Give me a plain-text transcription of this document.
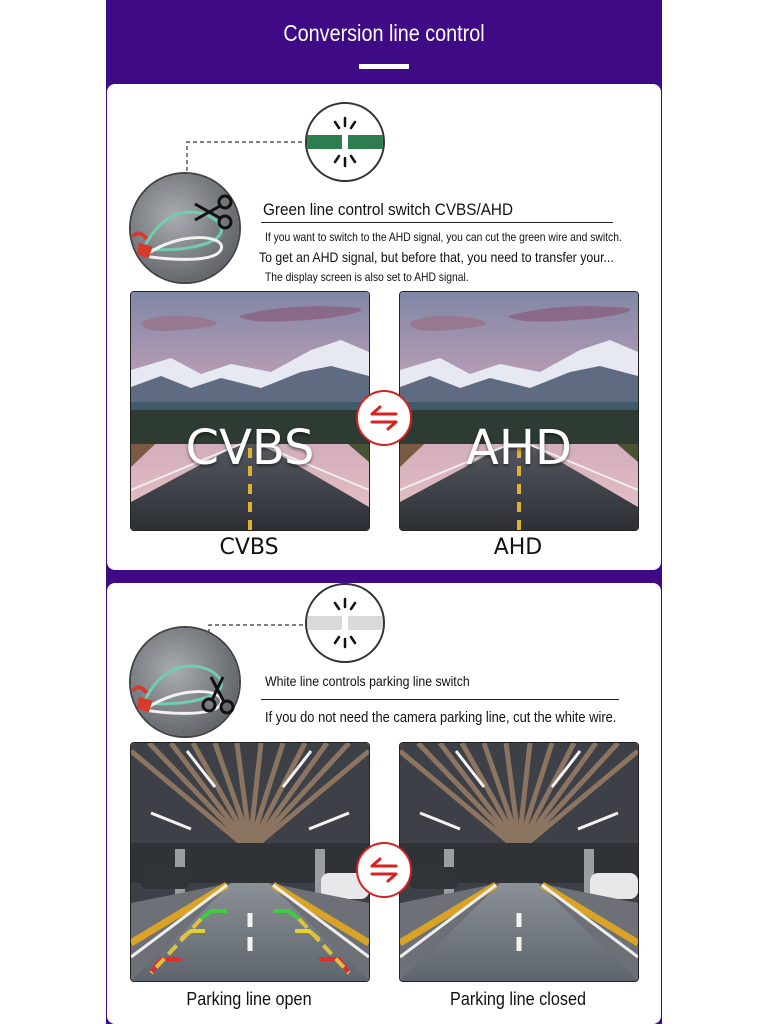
Conversion line control
Green line control switch CVBS/AHD
If you want to switch to the AHD signal, you can cut the green wire and switch.
To get an AHD signal, but before that, you need to transfer your...
The display screen is also set to AHD signal.
CVBS	AHD
CVBS	AHD
White line controls parking line switch
If you do not need the camera parking line, cut the white wire.
Parking line open	Parking line closed
